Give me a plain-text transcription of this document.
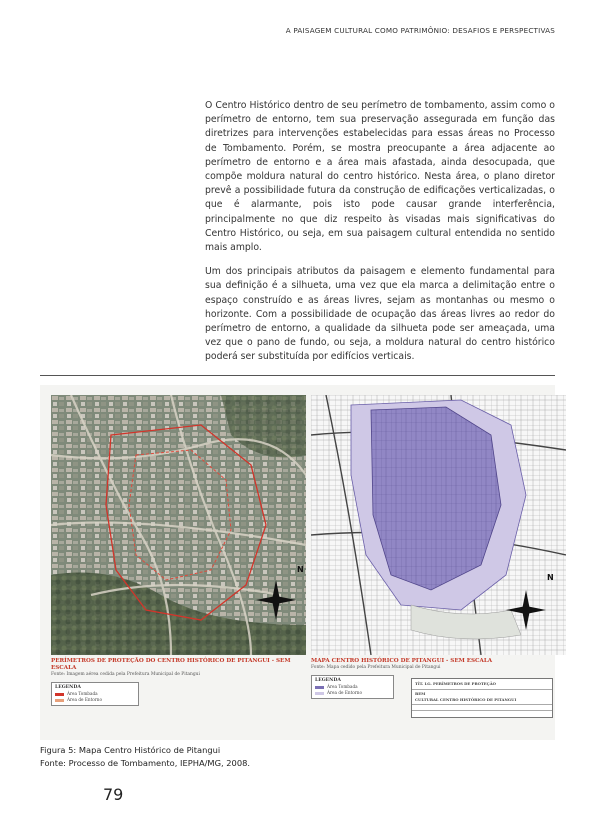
A PAISAGEM CULTURAL COMO PATRIMÔNIO: DESAFIOS E PERSPECTIVAS

O Centro Histórico dentro de seu perímetro de tombamento, assim como o perímetro de entorno, tem sua preservação assegurada em função das diretrizes para intervenções estabelecidas para essas áreas no Processo de Tombamento. Porém, se mostra preocupante a área adjacente ao perímetro de entorno e a área mais afastada, ainda desocupada, que compõe moldura natural do centro histórico. Nesta área, o plano diretor prevê a possibilidade futura da construção de edificações verticalizadas, o que é alarmante, pois isto pode causar grande interferência, principalmente no que diz respeito às visadas mais significativas do Centro Histórico, ou seja, em sua paisagem cultural entendida no sentido mais amplo.

Um dos principais atributos da paisagem e elemento fundamental para sua definição é a silhueta, uma vez que ela marca a delimitação entre o espaço construído e as áreas livres, sejam as montanhas ou mesmo o horizonte. Com a possibilidade de ocupação das áreas livres ao redor do perímetro de entorno, a qualidade da silhueta pode ser ameaçada, uma vez que o pano de fundo, ou seja, a moldura natural do centro histórico poderá ser substituída por edifícios verticais.

N
N
PERÍMETROS DE PROTEÇÃO DO CENTRO HISTÓRICO DE PITANGUI - SEM ESCALA
Fonte: Imagem aérea cedida pela Prefeitura Municipal de Pitangui
LEGENDA
Área Tombada
Área de Entorno
MAPA CENTRO HISTÓRICO DE PITANGUI - SEM ESCALA
Fonte: Mapa cedido pela Prefeitura Municipal de Pitangui
LEGENDA
Área Tombada
Área de Entorno
TÍT. LG. PERÍMETROS DE PROTEÇÃO
BEM
CULTURAL CENTRO HISTÓRICO DE PITANGUI
Figura 5: Mapa Centro Histórico de Pitangui
Fonte: Processo de Tombamento, IEPHA/MG, 2008.
79
